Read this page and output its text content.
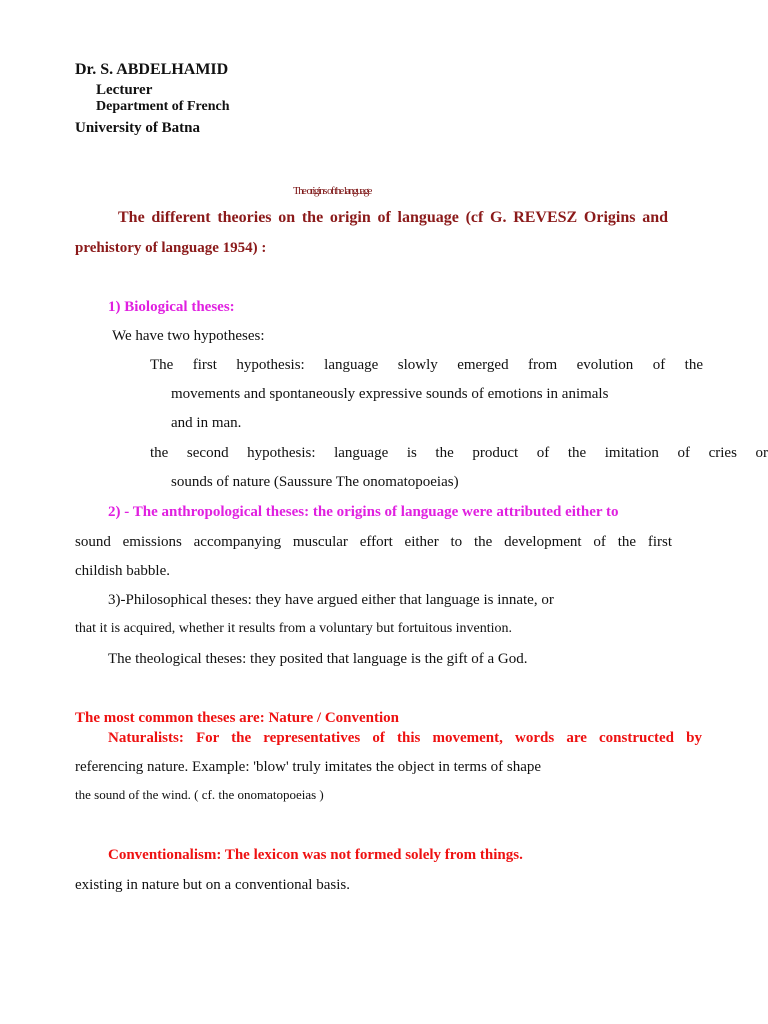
Dr. S. ABDELHAMID
Lecturer
Department of French
University of Batna
The origins of the language
The different theories on the origin of language (cf G. REVESZ Origins and
prehistory of language 1954) :
1) Biological theses:
We have two hypotheses:
The first hypothesis: language slowly emerged from evolution of the
movements and spontaneously expressive sounds of emotions in animals
and in man.
the second hypothesis: language is the product of the imitation of cries or
sounds of nature (Saussure The onomatopoeias)
2) - The anthropological theses: the origins of language were attributed either to
sound emissions accompanying muscular effort either to the development of the first
childish babble.
3)-Philosophical theses: they have argued either that language is innate, or
that it is acquired, whether it results from a voluntary but fortuitous invention.
The theological theses: they posited that language is the gift of a God.
The most common theses are: Nature / Convention
Naturalists: For the representatives of this movement, words are constructed by
referencing nature. Example: 'blow' truly imitates the object in terms of shape
the sound of the wind. ( cf. the onomatopoeias )
Conventionalism: The lexicon was not formed solely from things.
existing in nature but on a conventional basis.
